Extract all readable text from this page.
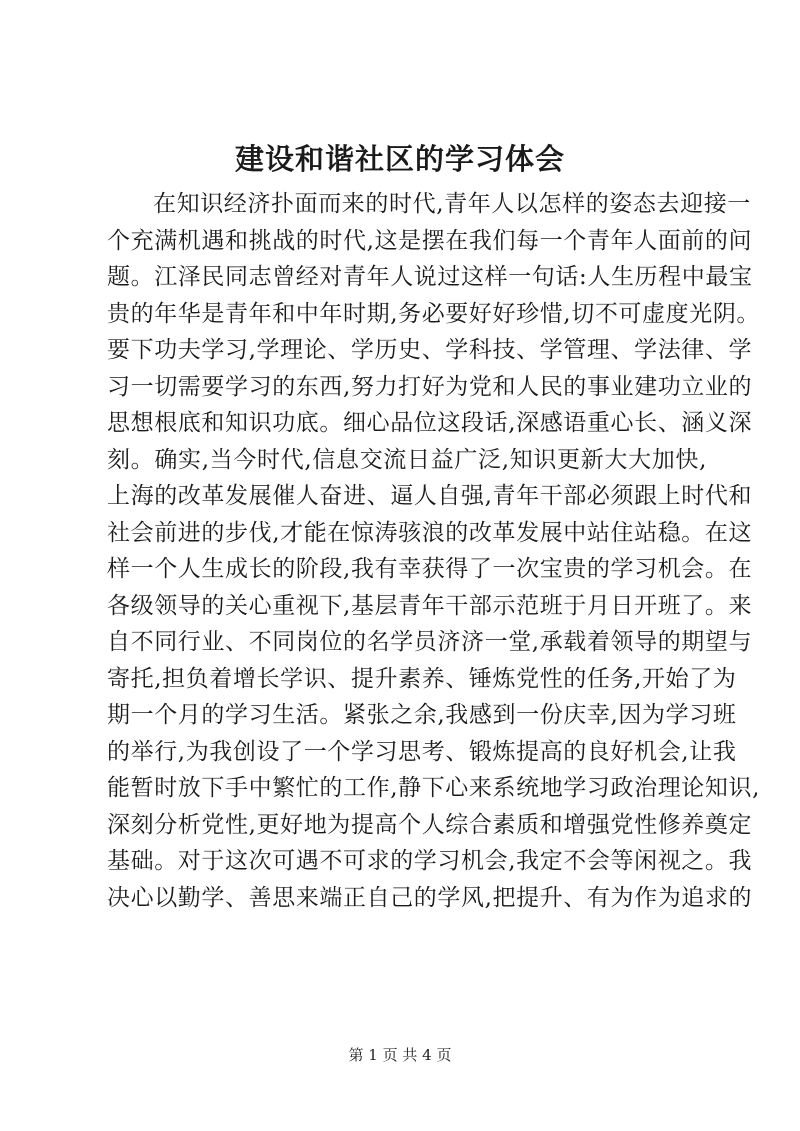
建设和谐社区的学习体会
在知识经济扑面而来的时代,青年人以怎样的姿态去迎接一
个充满机遇和挑战的时代,这是摆在我们每一个青年人面前的问
题。江泽民同志曾经对青年人说过这样一句话:人生历程中最宝
贵的年华是青年和中年时期,务必要好好珍惜,切不可虚度光阴。
要下功夫学习,学理论、学历史、学科技、学管理、学法律、学
习一切需要学习的东西,努力打好为党和人民的事业建功立业的
思想根底和知识功底。细心品位这段话,深感语重心长、涵义深
刻。确实,当今时代,信息交流日益广泛,知识更新大大加快,
上海的改革发展催人奋进、逼人自强,青年干部必须跟上时代和
社会前进的步伐,才能在惊涛骇浪的改革发展中站住站稳。在这
样一个人生成长的阶段,我有幸获得了一次宝贵的学习机会。在
各级领导的关心重视下,基层青年干部示范班于月日开班了。来
自不同行业、不同岗位的名学员济济一堂,承载着领导的期望与
寄托,担负着增长学识、提升素养、锤炼党性的任务,开始了为
期一个月的学习生活。紧张之余,我感到一份庆幸,因为学习班
的举行,为我创设了一个学习思考、锻炼提高的良好机会,让我
能暂时放下手中繁忙的工作,静下心来系统地学习政治理论知识,
深刻分析党性,更好地为提高个人综合素质和增强党性修养奠定
基础。对于这次可遇不可求的学习机会,我定不会等闲视之。我
决心以勤学、善思来端正自己的学风,把提升、有为作为追求的
第 1 页 共 4 页
